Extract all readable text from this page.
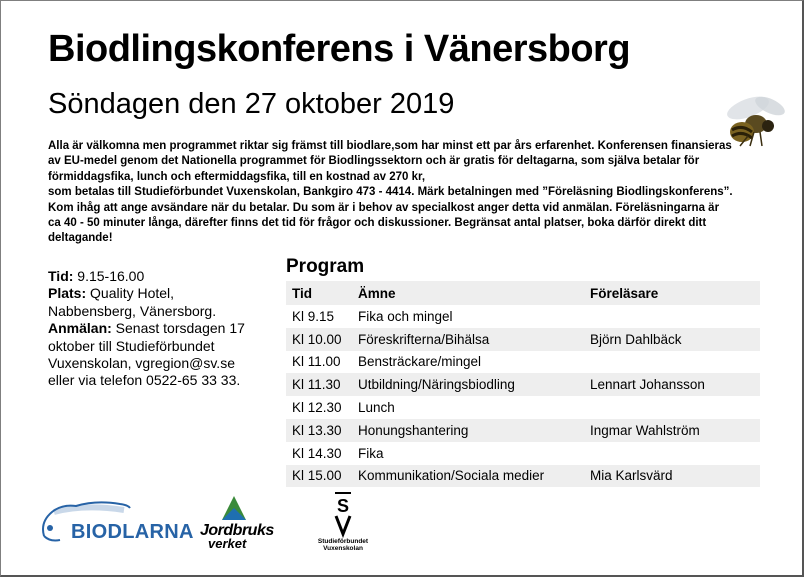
Biodlingskonferens i Vänersborg
Söndagen den 27 oktober 2019
Alla är välkomna men programmet riktar sig främst till biodlare,som har minst ett par års erfarenhet. Konferensen finansieras
av EU-medel genom det Nationella programmet för Biodlingssektorn och är gratis för deltagarna, som själva betalar för
förmiddagsfika, lunch och eftermiddagsfika, till en kostnad av 270 kr,
som betalas till Studieförbundet Vuxenskolan, Bankgiro 473 - 4414. Märk betalningen med ”Föreläsning Biodlingskonferens”.
Kom ihåg att ange avsändare när du betalar. Du som är i behov av specialkost anger detta vid anmälan. Föreläsningarna är
ca 40 - 50 minuter långa, därefter finns det tid för frågor och diskussioner. Begränsat antal platser, boka därför direkt ditt
deltagande!
Tid: 9.15-16.00
Plats: Quality Hotel,
Nabbensberg, Vänersborg.
Anmälan: Senast torsdagen 17
oktober till Studieförbundet
Vuxenskolan, vgregion@sv.se
eller via telefon 0522-65 33 33.
Program
Tid	Ämne	Föreläsare
Kl 9.15	Fika och mingel	
Kl 10.00	Föreskrifterna/Bihälsa	Björn Dahlbäck
Kl 11.00	Bensträckare/mingel	
Kl 11.30	Utbildning/Näringsbiodling	Lennart Johansson
Kl 12.30	Lunch	
Kl 13.30	Honungshantering	Ingmar Wahlström
Kl 14.30	Fika	
Kl 15.00	Kommunikation/Sociala medier	Mia Karlsvärd
BIODLARNA Jordbruks
verket
S
Studieförbundet
Vuxenskolan
